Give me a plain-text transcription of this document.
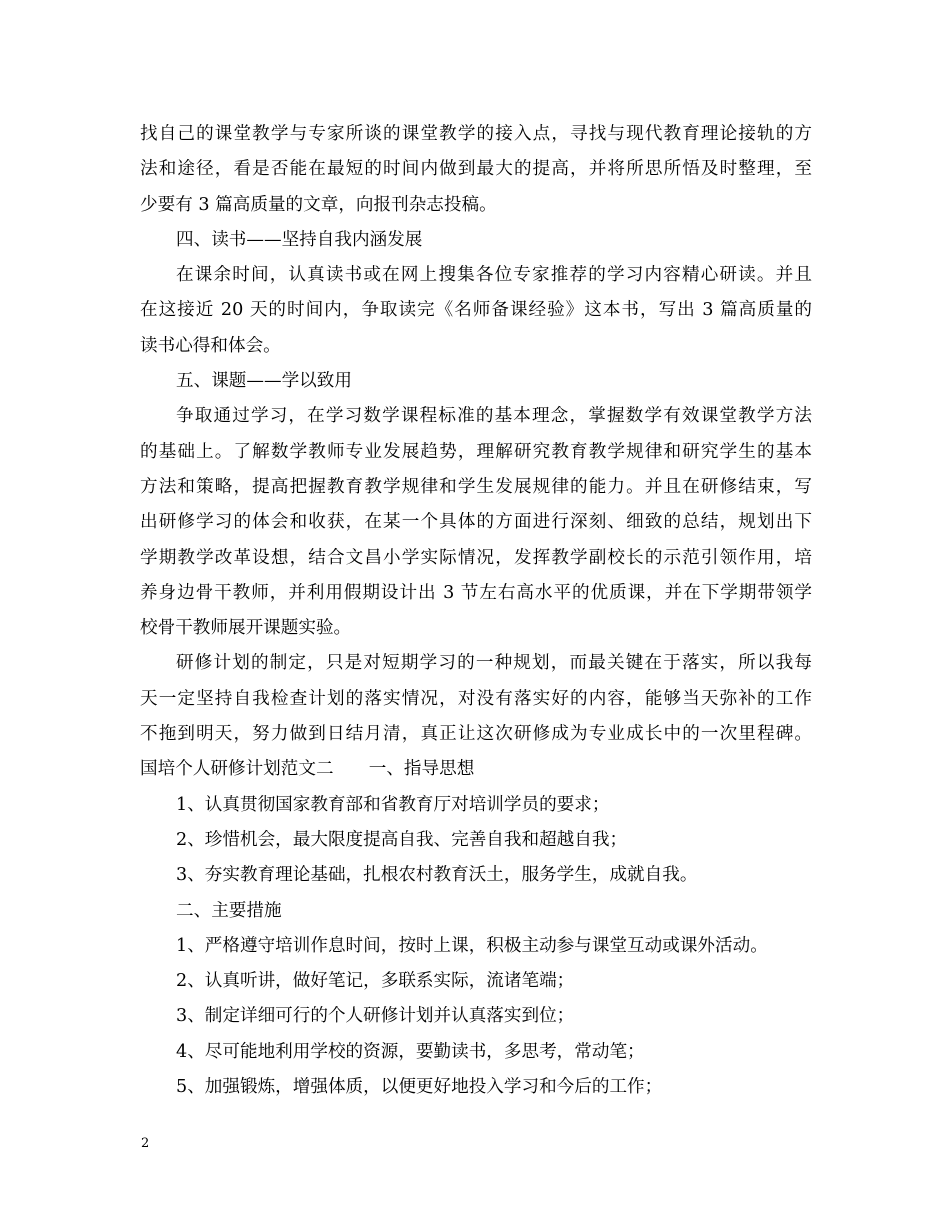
找自己的课堂教学与专家所谈的课堂教学的接入点，寻找与现代教育理论接轨的方
法和途径，看是否能在最短的时间内做到最大的提高，并将所思所悟及时整理，至
少要有 3 篇高质量的文章，向报刊杂志投稿。
四、读书——坚持自我内涵发展
在课余时间，认真读书或在网上搜集各位专家推荐的学习内容精心研读。并且
在这接近 20 天的时间内，争取读完《名师备课经验》这本书，写出 3 篇高质量的
读书心得和体会。
五、课题——学以致用
争取通过学习，在学习数学课程标准的基本理念，掌握数学有效课堂教学方法
的基础上。了解数学教师专业发展趋势，理解研究教育教学规律和研究学生的基本
方法和策略，提高把握教育教学规律和学生发展规律的能力。并且在研修结束，写
出研修学习的体会和收获，在某一个具体的方面进行深刻、细致的总结，规划出下
学期教学改革设想，结合文昌小学实际情况，发挥教学副校长的示范引领作用，培
养身边骨干教师，并利用假期设计出 3 节左右高水平的优质课，并在下学期带领学
校骨干教师展开课题实验。
研修计划的制定，只是对短期学习的一种规划，而最关键在于落实，所以我每
天一定坚持自我检查计划的落实情况，对没有落实好的内容，能够当天弥补的工作
不拖到明天，努力做到日结月清，真正让这次研修成为专业成长中的一次里程碑。
国培个人研修计划范文二　　一、指导思想
1、认真贯彻国家教育部和省教育厅对培训学员的要求；
2、珍惜机会，最大限度提高自我、完善自我和超越自我；
3、夯实教育理论基础，扎根农村教育沃土，服务学生，成就自我。
二、主要措施
1、严格遵守培训作息时间，按时上课，积极主动参与课堂互动或课外活动。
2、认真听讲，做好笔记，多联系实际，流诸笔端；
3、制定详细可行的个人研修计划并认真落实到位；
4、尽可能地利用学校的资源，要勤读书，多思考，常动笔；
5、加强锻炼，增强体质，以便更好地投入学习和今后的工作；
2
